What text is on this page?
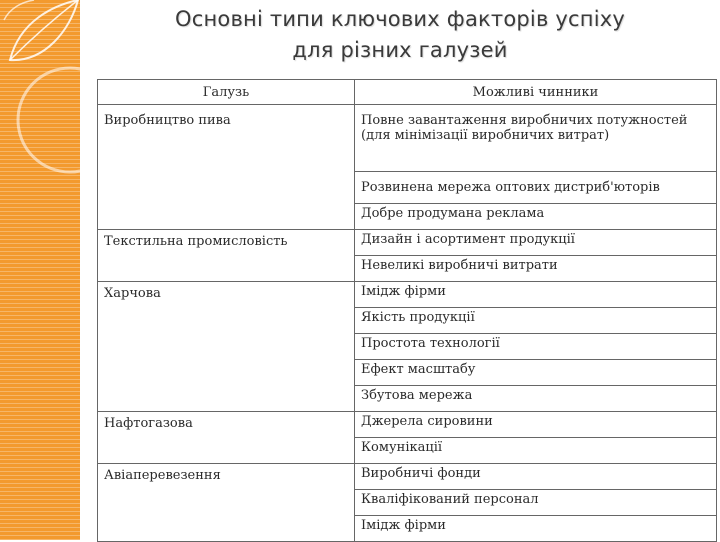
Основні типи ключових факторів успіху
для різних галузей
Галузь	Можливі чинники
Виробництво пива	Повне завантаження виробничих потужностей (для мінімізації виробничих витрат)
	Розвинена мережа оптових дистриб'юторів
	Добре продумана реклама
Текстильна промисловість	Дизайн і асортимент продукції
	Невеликі виробничі витрати
Харчова	Імідж фірми
	Якість продукції
	Простота технології
	Ефект масштабу
	Збутова мережа
Нафтогазова	Джерела сировини
	Комунікації
Авіаперевезення	Виробничі фонди
	Кваліфікований персонал
	Імідж фірми
